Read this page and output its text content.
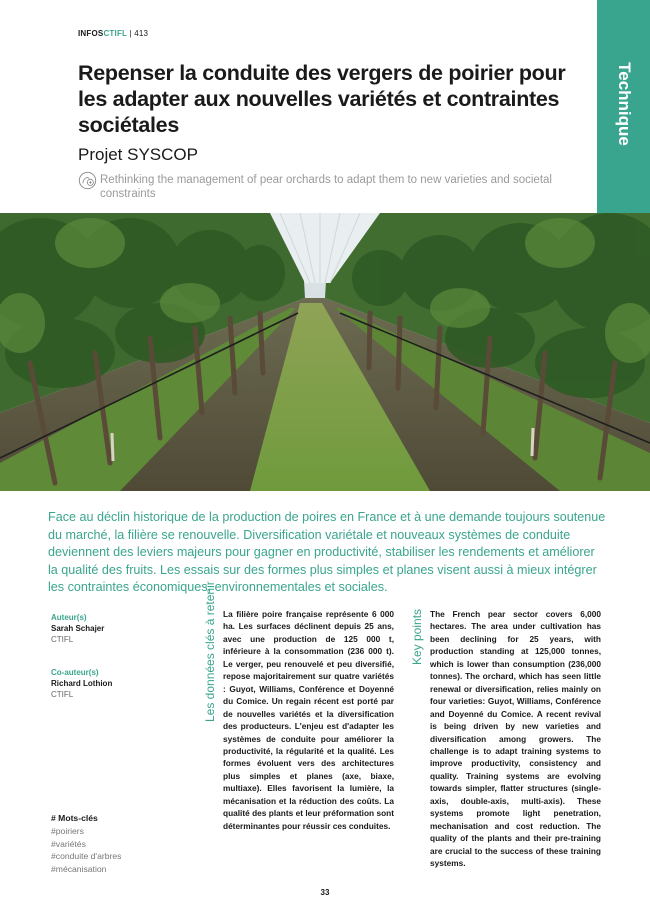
INFOSCTIFL | 413
Technique
Repenser la conduite des vergers de poirier pour les adapter aux nouvelles variétés et contraintes sociétales
Projet SYSCOP
Rethinking the management of pear orchards to adapt them to new varieties and societal constraints

Face au déclin historique de la production de poires en France et à une demande toujours soutenue du marché, la filière se renouvelle. Diversification variétale et nouveaux systèmes de conduite deviennent des leviers majeurs pour gagner en productivité, stabiliser les rendements et améliorer la qualité des fruits. Les essais sur des formes plus simples et planes visent aussi à mieux intégrer les contraintes économiques, environnementales et sociales.

Auteur(s)
Sarah Schajer
CTIFL
Co-auteur(s)
Richard Lothion
CTIFL
# Mots-clés
#poiriers
#variétés
#conduite d'arbres
#mécanisation
Les données clés à retenir La filière poire française représente 6 000 ha. Les surfaces déclinent depuis 25 ans, avec une production de 125 000 t, inférieure à la consommation (236 000 t). Le verger, peu renouvelé et peu diversifié, repose majoritairement sur quatre variétés : Guyot, Williams, Conférence et Doyenné du Comice. Un regain récent est porté par de nouvelles variétés et la diversification des producteurs. L'enjeu est d'adapter les systèmes de conduite pour améliorer la productivité, la régularité et la qualité. Les formes évoluent vers des architectures plus simples et planes (axe, biaxe, multiaxe). Elles favorisent la lumière, la mécanisation et la réduction des coûts. La qualité des plants et leur préformation sont déterminantes pour réussir ces conduites.

Key points The French pear sector covers 6,000 hectares. The area under cultivation has been declining for 25 years, with production standing at 125,000 tonnes, which is lower than consumption (236,000 tonnes). The orchard, which has seen little renewal or diversification, relies mainly on four varieties: Guyot, Williams, Conférence and Doyenné du Comice. A recent revival is being driven by new varieties and diversification among growers. The challenge is to adapt training systems to improve productivity, consistency and quality. Training systems are evolving towards simpler, flatter structures (single-axis, double-axis, multi-axis). These systems promote light penetration, mechanisation and cost reduction. The quality of the plants and their pre-training are crucial to the success of these training systems.

33
